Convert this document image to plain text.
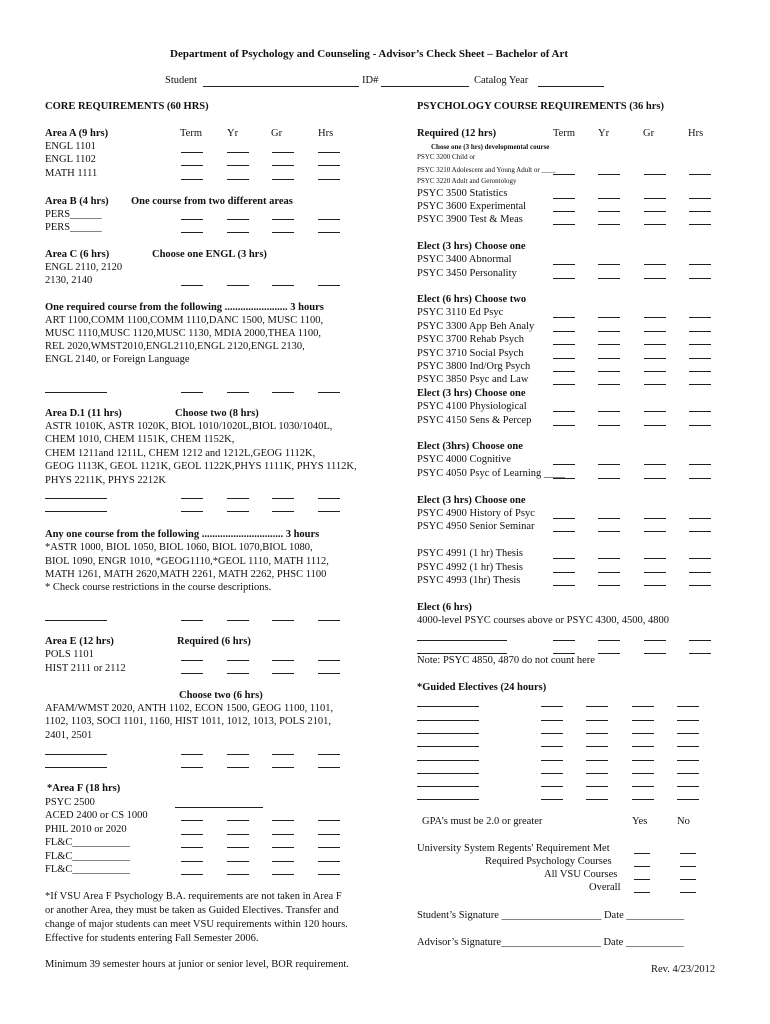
Department of Psychology and Counseling - Advisor’s Check Sheet – Bachelor of Art
Student	ID#	Catalog Year
CORE REQUIREMENTS (60 HRS)	PSYCHOLOGY COURSE REQUIREMENTS (36 hrs)
Area A (9 hrs)	Term Yr	Gr	Hrs
ENGL 1101
ENGL 1102
MATH 1111
Area B (4 hrs) One course from two different areas
PERS______
PERS______
Area C (6 hrs)	Choose one ENGL (3 hrs)
ENGL 2110, 2120
2130, 2140
One required course from the following ........................ 3 hours
ART 1100,COMM 1100,COMM 1110,DANC 1500, MUSC 1100,
MUSC 1110,MUSC 1120,MUSC 1130, MDIA 2000,THEA 1100,
REL 2020,WMST2010,ENGL2110,ENGL 2120,ENGL 2130,
ENGL 2140, or Foreign Language
Area D.1 (11 hrs)	Choose two (8 hrs)
ASTR 1010K, ASTR 1020K, BIOL 1010/1020L,BIOL 1030/1040L,
CHEM 1010, CHEM 1151K, CHEM 1152K,
CHEM 1211and 1211L, CHEM 1212 and 1212L,GEOG 1112K,
GEOG 1113K, GEOL 1121K, GEOL 1122K,PHYS 1111K, PHYS 1112K,
PHYS 2211K, PHYS 2212K
Any one course from the following ............................... 3 hours
*ASTR 1000, BIOL 1050, BIOL 1060, BIOL 1070,BIOL 1080,
BIOL 1090, ENGR 1010, *GEOG1110,*GEOL 1110, MATH 1112,
MATH 1261, MATH 2620,MATH 2261, MATH 2262, PHSC 1100
* Check course restrictions in the course descriptions.
Area E (12 hrs)	Required (6 hrs)
POLS 1101
HIST 2111 or 2112
Choose two (6 hrs)
AFAM/WMST 2020, ANTH 1102, ECON 1500, GEOG 1100, 1101,
1102, 1103, SOCI 1101, 1160, HIST 1011, 1012, 1013, POLS 2101,
2401, 2501
*Area F (18 hrs)
PSYC 2500
ACED 2400 or CS 1000
PHIL 2010 or 2020
FL&C___________
FL&C___________
FL&C___________
*If VSU Area F Psychology B.A. requirements are not taken in Area F
or another Area, they must be taken as Guided Electives. Transfer and
change of major students can meet VSU requirements within 120 hours.
Effective for students entering Fall Semester 2006.
Minimum 39 semester hours at junior or senior level, BOR requirement.
Required (12 hrs)	Term Yr	Gr	Hrs
Chose one (3 hrs) developmental course
PSYC 3200 Child or
PSYC 3210 Adolescent and Young Adult or ____
PSYC 3220 Adult and Gerontology
PSYC 3500 Statistics
PSYC 3600 Experimental
PSYC 3900 Test & Meas
Elect (3 hrs) Choose one
PSYC 3400 Abnormal
PSYC 3450 Personality
Elect (6 hrs) Choose two
PSYC 3110 Ed Psyc
PSYC 3300 App Beh Analy
PSYC 3700 Rehab Psych
PSYC 3710 Social Psych
PSYC 3800 Ind/Org Psych
PSYC 3850 Psyc and Law
Elect (3 hrs) Choose one
PSYC 4100 Physiological
PSYC 4150 Sens & Percep
Elect (3hrs) Choose one
PSYC 4000 Cognitive
PSYC 4050 Psyc of Learning ____
Elect (3 hrs) Choose one
PSYC 4900 History of Psyc
PSYC 4950 Senior Seminar
PSYC 4991 (1 hr) Thesis
PSYC 4992 (1 hr) Thesis
PSYC 4993 (1hr) Thesis
Elect (6 hrs)
4000-level PSYC courses above or PSYC 4300, 4500, 4800
Note: PSYC 4850, 4870 do not count here
*Guided Electives (24 hours)
GPA’s must be 2.0 or greater	Yes	No
University System Regents' Requirement Met
Required Psychology Courses
All VSU Courses
Overall
Student’s Signature ___________________ Date ___________
Advisor’s Signature___________________ Date ___________
Rev. 4/23/2012
